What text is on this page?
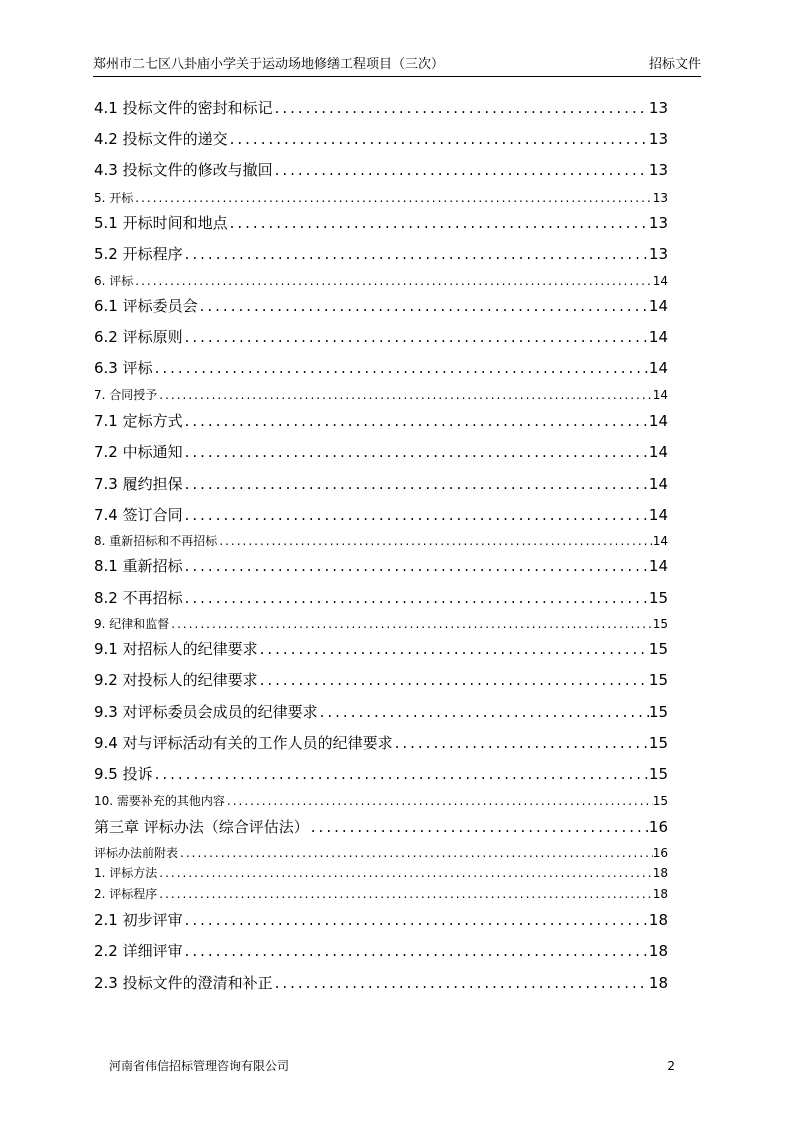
郑州市二七区八卦庙小学关于运动场地修缮工程项目（三次）	招标文件
4.1 投标文件的密封和标记 .....	13
4.2 投标文件的递交 .....	13
4.3 投标文件的修改与撤回 .....	13
5. 开标 .....	13
5.1 开标时间和地点 .....	13
5.2 开标程序 .....	13
6. 评标 .....	14
6.1 评标委员会 .....	14
6.2 评标原则 .....	14
6.3 评标 .....	14
7. 合同授予 .....	14
7.1 定标方式 .....	14
7.2 中标通知 .....	14
7.3 履约担保 .....	14
7.4 签订合同 .....	14
8. 重新招标和不再招标 .....	14
8.1 重新招标 .....	14
8.2 不再招标 .....	15
9. 纪律和监督 .....	15
9.1 对招标人的纪律要求 .....	15
9.2 对投标人的纪律要求 .....	15
9.3 对评标委员会成员的纪律要求 .....	15
9.4 对与评标活动有关的工作人员的纪律要求 .....	15
9.5 投诉 .....	15
10. 需要补充的其他内容 .....	15
第三章 评标办法（综合评估法） .....	16
评标办法前附表 .....	16
1. 评标方法 .....	18
2. 评标程序 .....	18
2.1 初步评审 .....	18
2.2 详细评审 .....	18
2.3 投标文件的澄清和补正 .....	18
河南省伟信招标管理咨询有限公司	2
